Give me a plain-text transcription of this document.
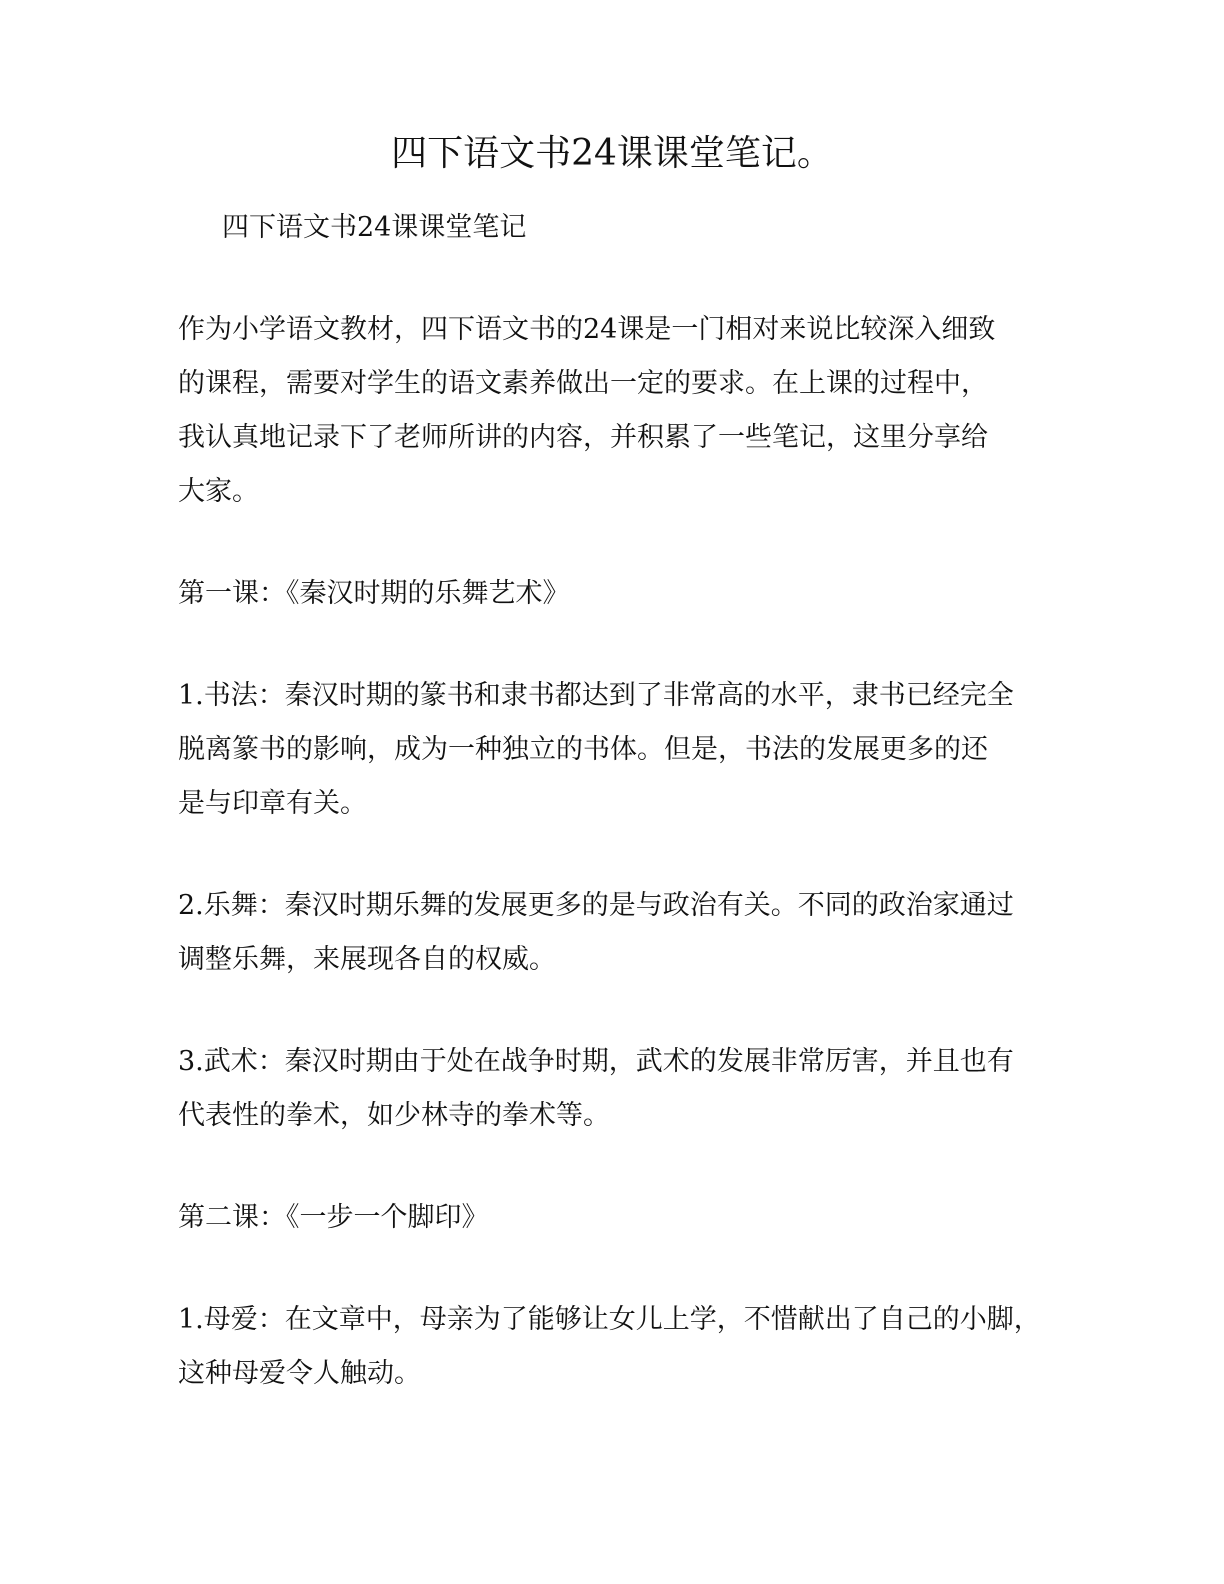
四下语文书24课课堂笔记。

四下语文书24课课堂笔记

作为小学语文教材，四下语文书的24课是一门相对来说比较深入细致

的课程，需要对学生的语文素养做出一定的要求。在上课的过程中，

我认真地记录下了老师所讲的内容，并积累了一些笔记，这里分享给

大家。

第一课：《秦汉时期的乐舞艺术》

1.书法：秦汉时期的篆书和隶书都达到了非常高的水平，隶书已经完全

脱离篆书的影响，成为一种独立的书体。但是，书法的发展更多的还

是与印章有关。

2.乐舞：秦汉时期乐舞的发展更多的是与政治有关。不同的政治家通过

调整乐舞，来展现各自的权威。

3.武术：秦汉时期由于处在战争时期，武术的发展非常厉害，并且也有

代表性的拳术，如少林寺的拳术等。

第二课：《一步一个脚印》

1.母爱：在文章中，母亲为了能够让女儿上学，不惜献出了自己的小脚，

这种母爱令人触动。
